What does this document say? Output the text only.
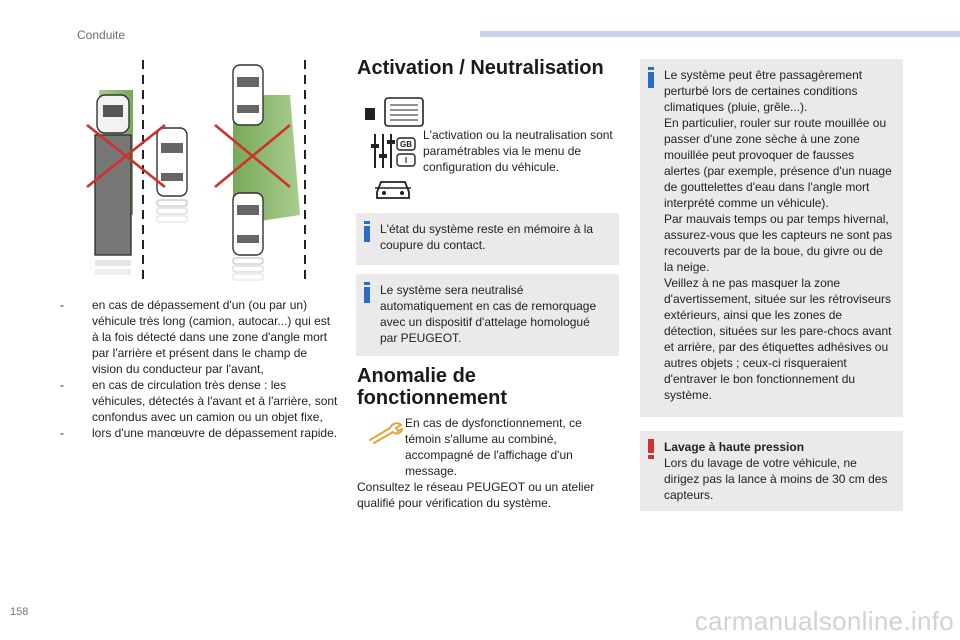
Conduite
-	en cas de dépassement d'un (ou par un) véhicule très long (camion, autocar...) qui est à la fois détecté dans une zone d'angle mort par l'arrière et présent dans le champ de vision du conducteur par l'avant,
-	en cas de circulation très dense : les véhicules, détectés à l'avant et à l'arrière, sont confondus avec un camion ou un objet fixe,
-	lors d'une manœuvre de dépassement rapide.
Activation / Neutralisation
GB
I
L'activation ou la neutralisation sont paramétrables via le menu de configuration du véhicule.
L'état du système reste en mémoire à la coupure du contact.
Le système sera neutralisé automatiquement en cas de remorquage avec un dispositif d'attelage homologué par PEUGEOT.
Anomalie de fonctionnement
En cas de dysfonctionnement, ce témoin s'allume au combiné, accompagné de l'affichage d'un message.
Consultez le réseau PEUGEOT ou un atelier qualifié pour vérification du système.
Le système peut être passagèrement perturbé lors de certaines conditions climatiques (pluie, grêle...).
En particulier, rouler sur route mouillée ou passer d'une zone sèche à une zone mouillée peut provoquer de fausses alertes (par exemple, présence d'un nuage de gouttelettes d'eau dans l'angle mort interprété comme un véhicule).
Par mauvais temps ou par temps hivernal, assurez-vous que les capteurs ne sont pas recouverts par de la boue, du givre ou de la neige.
Veillez à ne pas masquer la zone d'avertissement, située sur les rétroviseurs extérieurs, ainsi que les zones de détection, situées sur les pare-chocs avant et arrière, par des étiquettes adhésives ou autres objets ; ceux-ci risqueraient d'entraver le bon fonctionnement du système.
Lavage à haute pression
Lors du lavage de votre véhicule, ne dirigez pas la lance à moins de 30 cm des capteurs.
158	carmanualsonline.info
